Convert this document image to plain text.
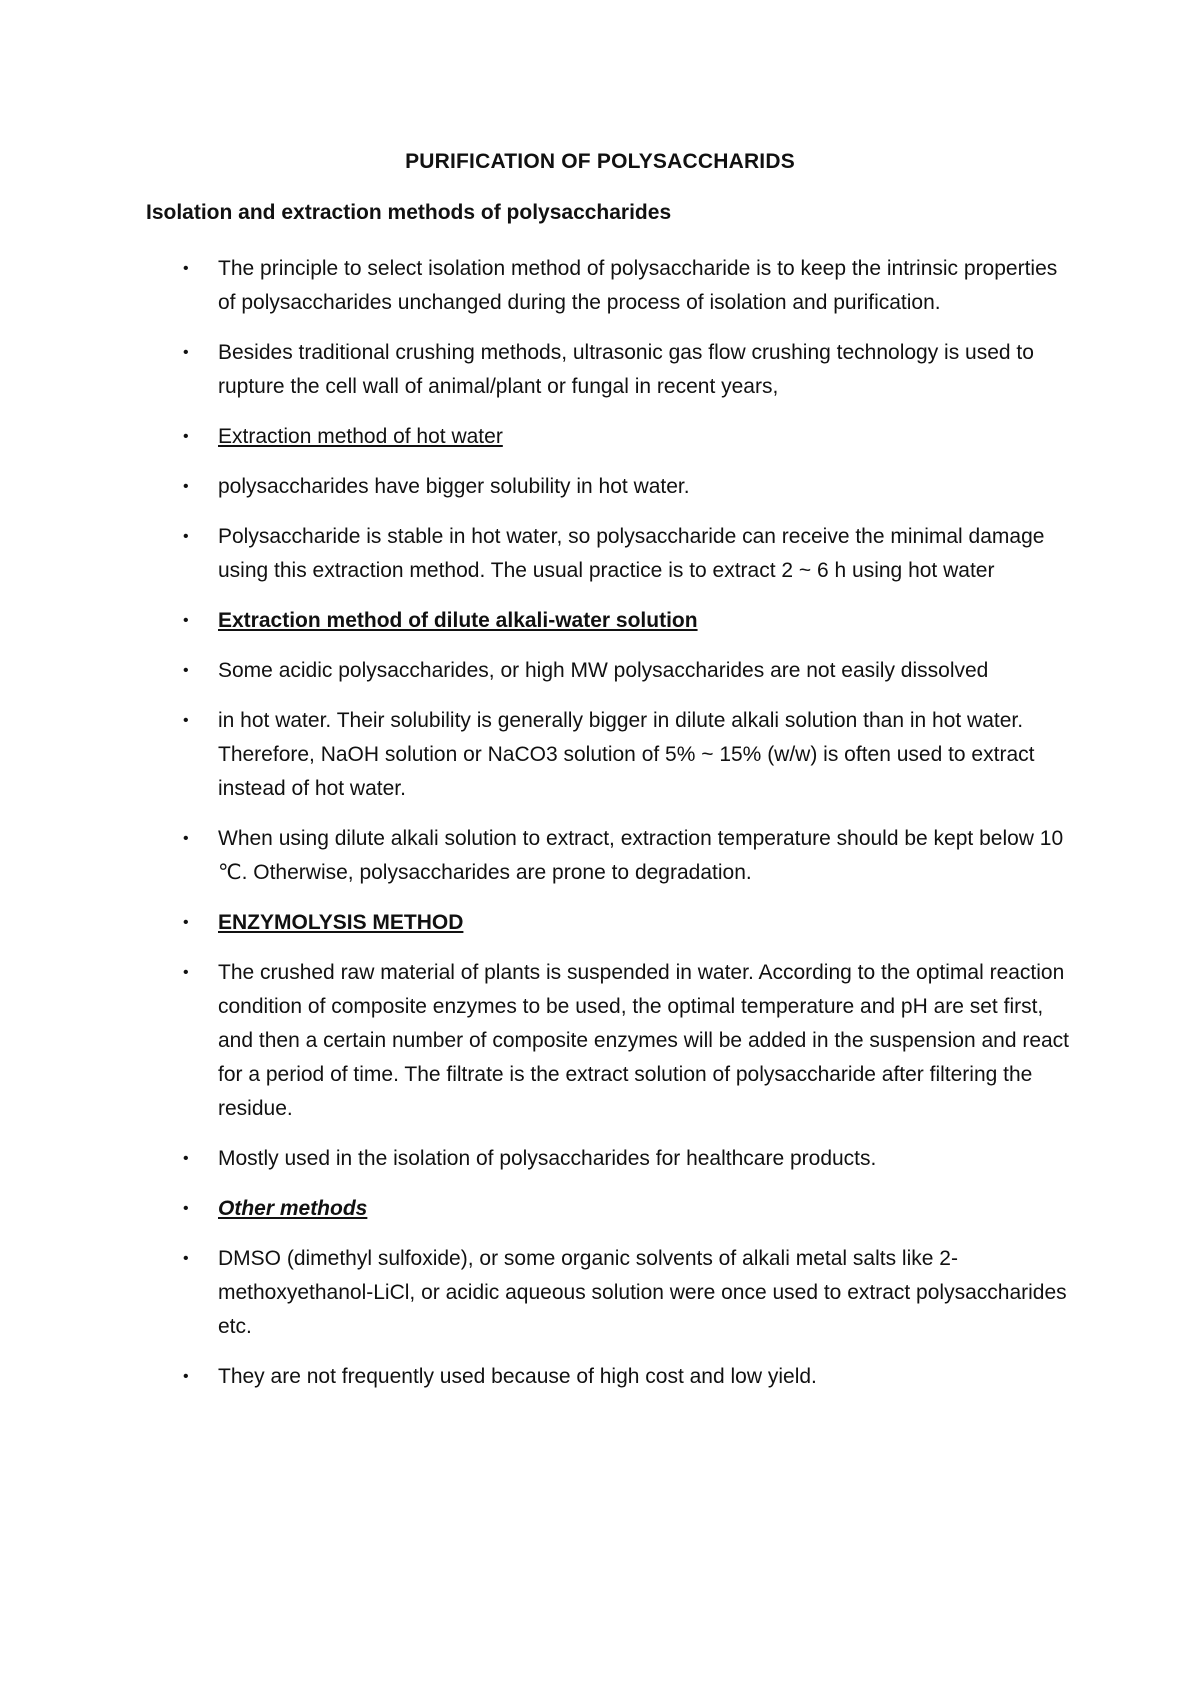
PURIFICATION OF POLYSACCHARIDS
Isolation and extraction methods of polysaccharides
• The principle to select isolation method of polysaccharide is to keep the intrinsic properties of polysaccharides unchanged during the process of isolation and purification.
• Besides traditional crushing methods, ultrasonic gas flow crushing technology is used to rupture the cell wall of animal/plant or fungal in recent years,
• Extraction method of hot water
• polysaccharides have bigger solubility in hot water.
• Polysaccharide is stable in hot water, so polysaccharide can receive the minimal damage using this extraction method. The usual practice is to extract 2 ~ 6 h using hot water
• Extraction method of dilute alkali-water solution
• Some acidic polysaccharides, or high MW polysaccharides are not easily dissolved
• in hot water. Their solubility is generally bigger in dilute alkali solution than in hot water. Therefore, NaOH solution or NaCO3 solution of 5% ~ 15% (w/w) is often used to extract instead of hot water.
• When using dilute alkali solution to extract, extraction temperature should be kept below 10 ℃. Otherwise, polysaccharides are prone to degradation.
• ENZYMOLYSIS METHOD
• The crushed raw material of plants is suspended in water. According to the optimal reaction condition of composite enzymes to be used, the optimal temperature and pH are set first, and then a certain number of composite enzymes will be added in the suspension and react for a period of time. The filtrate is the extract solution of polysaccharide after filtering the residue.
• Mostly used in the isolation of polysaccharides for healthcare products.
• Other methods
• DMSO (dimethyl sulfoxide), or some organic solvents of alkali metal salts like 2-methoxyethanol-LiCl, or acidic aqueous solution were once used to extract polysaccharides etc.
• They are not frequently used because of high cost and low yield.
